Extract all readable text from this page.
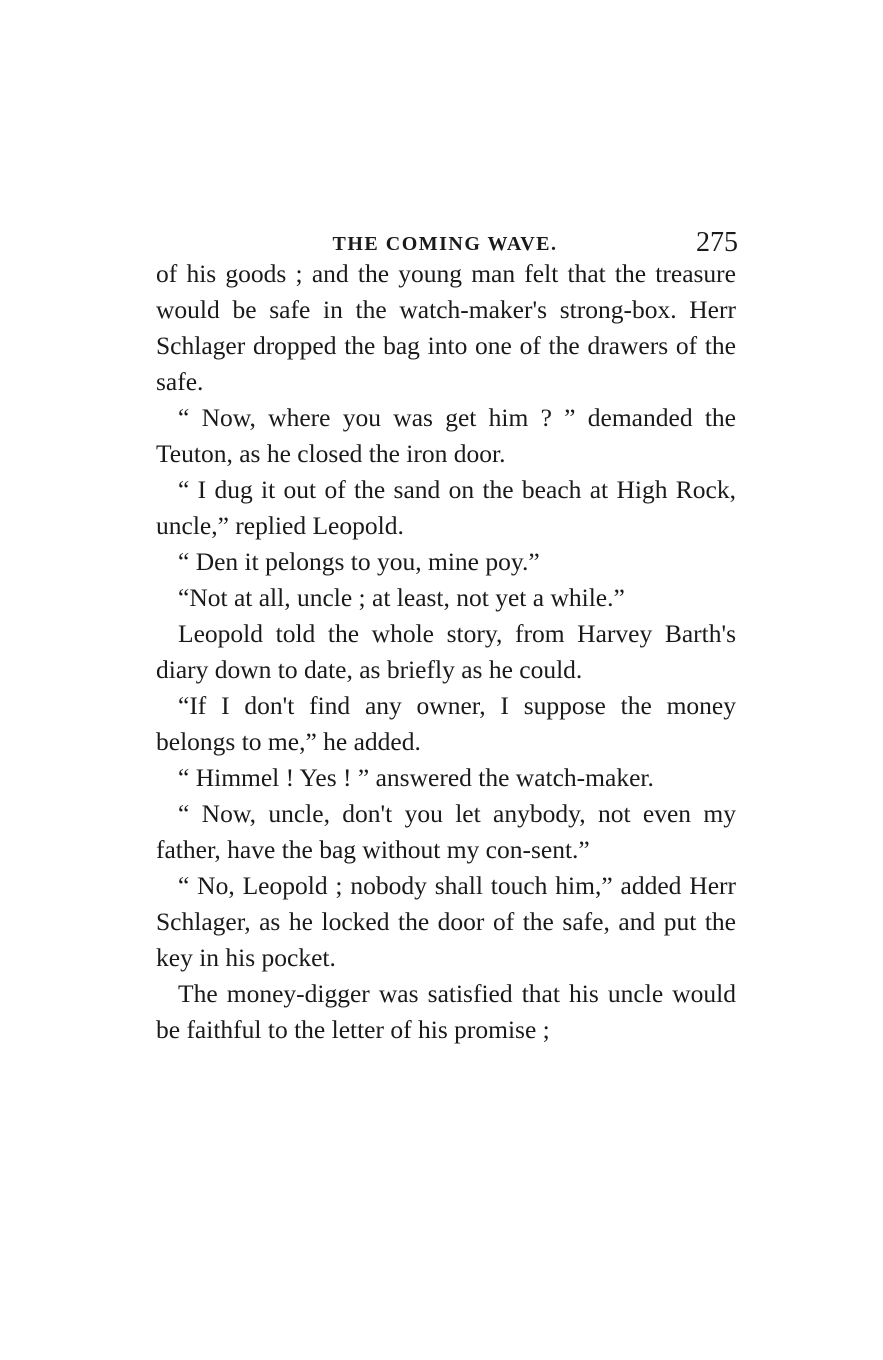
THE COMING WAVE.	275

of his goods ; and the young man felt that the treasure would be safe in the watch-maker's strong-box. Herr Schlager dropped the bag into one of the drawers of the safe.

“ Now, where you was get him ? ” demanded the Teuton, as he closed the iron door.

“ I dug it out of the sand on the beach at High Rock, uncle,” replied Leopold.

“ Den it pelongs to you, mine poy.”

“Not at all, uncle ; at least, not yet a while.”

Leopold told the whole story, from Harvey Barth's diary down to date, as briefly as he could.

“If I don't find any owner, I suppose the money belongs to me,” he added.

“ Himmel ! Yes ! ” answered the watch-maker.

“ Now, uncle, don't you let anybody, not even my father, have the bag without my con-sent.”

“ No, Leopold ; nobody shall touch him,” added Herr Schlager, as he locked the door of the safe, and put the key in his pocket.

The money-digger was satisfied that his uncle would be faithful to the letter of his promise ;
